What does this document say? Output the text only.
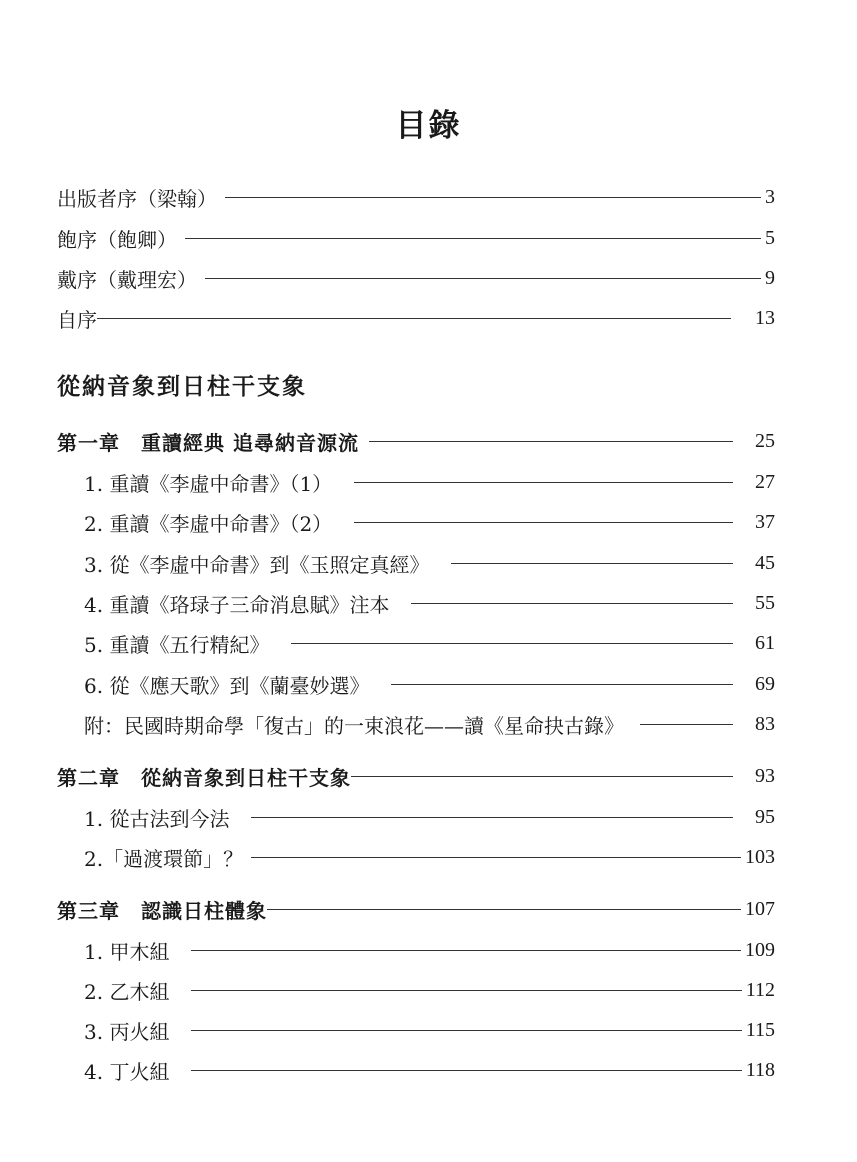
目錄
出版者序（梁翰）	3
飽序（飽卿）	5
戴序（戴理宏）	9
自序	13
從納音象到日柱干支象
第一章　重讀經典 追尋納音源流	25
1. 重讀《李虛中命書》（1）	27
2. 重讀《李虛中命書》（2）	37
3. 從《李虛中命書》到《玉照定真經》	45
4. 重讀《珞琭子三命消息賦》注本	55
5. 重讀《五行精紀》	61
6. 從《應天歌》到《蘭臺妙選》	69
附：民國時期命學「復古」的一束浪花——讀《星命抉古錄》	83
第二章　從納音象到日柱干支象	93
1. 從古法到今法	95
2.「過渡環節」？	103
第三章　認識日柱體象	107
1. 甲木組	109
2. 乙木組	112
3. 丙火組	115
4. 丁火組	118
